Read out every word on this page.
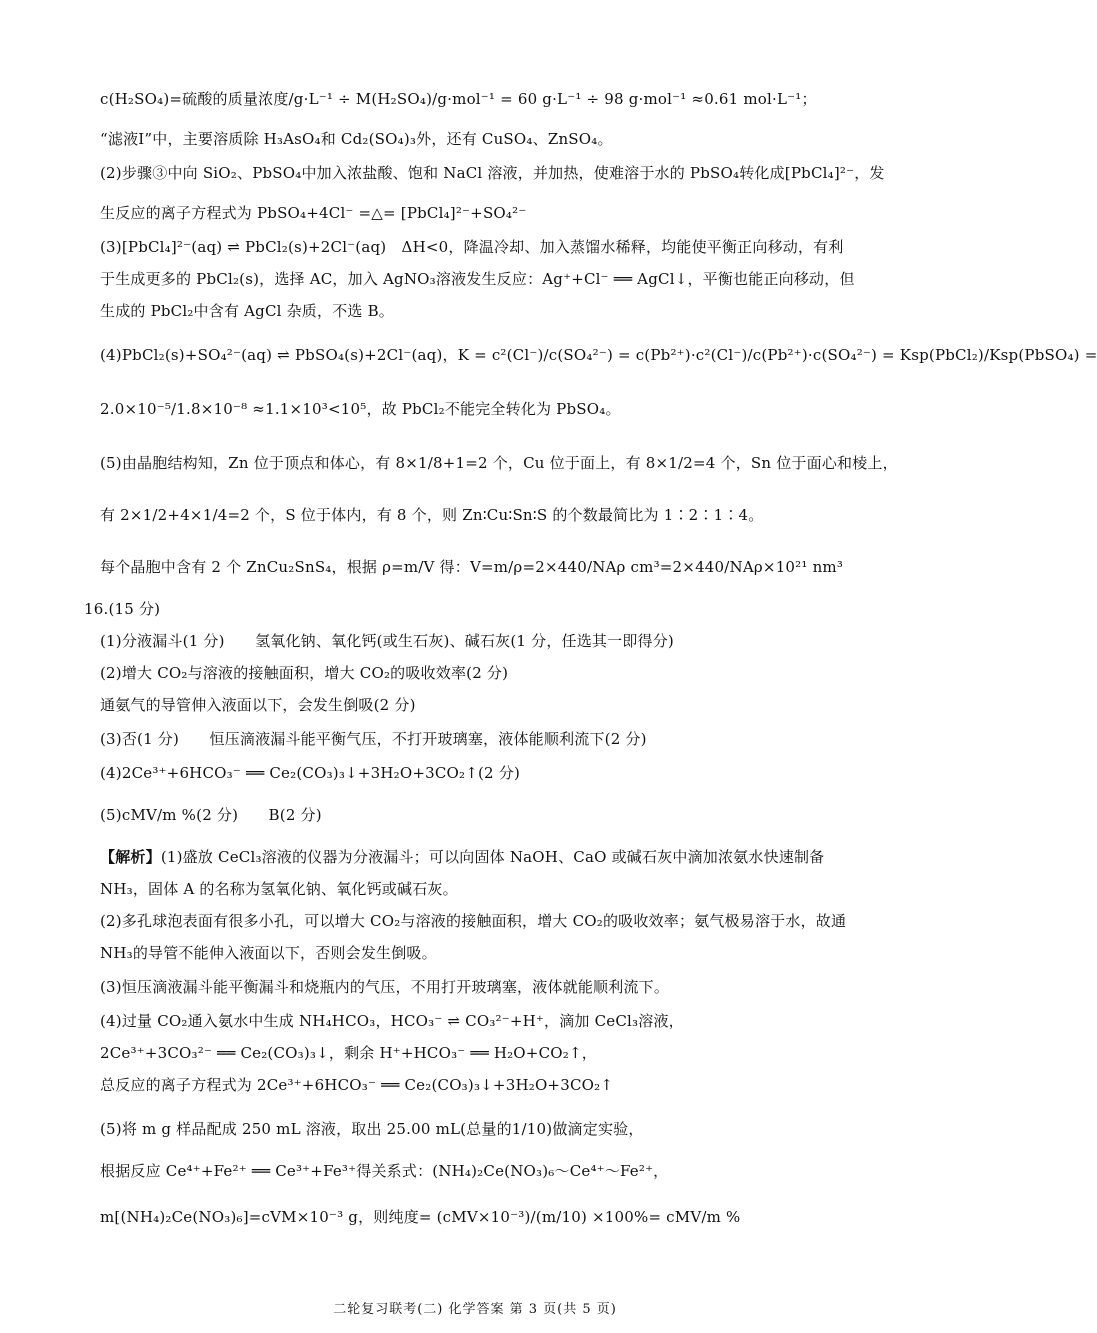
c(H₂SO₄)=硫酸的质量浓度/g·L⁻¹ ÷ M(H₂SO₄)/g·mol⁻¹ = 60 g·L⁻¹ ÷ 98 g·mol⁻¹ ≈0.61 mol·L⁻¹；
“滤液Ⅰ”中，主要溶质除 H₃AsO₄和 Cd₂(SO₄)₃外，还有 CuSO₄、ZnSO₄。
(2)步骤③中向 SiO₂、PbSO₄中加入浓盐酸、饱和 NaCl 溶液，并加热，使难溶于水的 PbSO₄转化成[PbCl₄]²⁻，发
生反应的离子方程式为 PbSO₄+4Cl⁻ =△= [PbCl₄]²⁻+SO₄²⁻
(3)[PbCl₄]²⁻(aq) ⇌ PbCl₂(s)+2Cl⁻(aq)　ΔH<0，降温冷却、加入蒸馏水稀释，均能使平衡正向移动，有利
于生成更多的 PbCl₂(s)，选择 AC，加入 AgNO₃溶液发生反应：Ag⁺+Cl⁻ ══ AgCl↓，平衡也能正向移动，但
生成的 PbCl₂中含有 AgCl 杂质，不选 B。
(4)PbCl₂(s)+SO₄²⁻(aq) ⇌ PbSO₄(s)+2Cl⁻(aq)，K = c²(Cl⁻)/c(SO₄²⁻) = c(Pb²⁺)·c²(Cl⁻)/c(Pb²⁺)·c(SO₄²⁻) = Ksp(PbCl₂)/Ksp(PbSO₄) =
2.0×10⁻⁵/1.8×10⁻⁸ ≈1.1×10³<10⁵，故 PbCl₂不能完全转化为 PbSO₄。
(5)由晶胞结构知，Zn 位于顶点和体心，有 8×1/8+1=2 个，Cu 位于面上，有 8×1/2=4 个，Sn 位于面心和棱上，
有 2×1/2+4×1/4=2 个，S 位于体内，有 8 个，则 Zn∶Cu∶Sn∶S 的个数最简比为 1∶2∶1∶4。
每个晶胞中含有 2 个 ZnCu₂SnS₄，根据 ρ=m/V 得：V=m/ρ=2×440/NAρ cm³=2×440/NAρ×10²¹ nm³
16.(15 分)
(1)分液漏斗(1 分)　　氢氧化钠、氧化钙(或生石灰)、碱石灰(1 分，任选其一即得分)
(2)增大 CO₂与溶液的接触面积，增大 CO₂的吸收效率(2 分)
通氨气的导管伸入液面以下，会发生倒吸(2 分)
(3)否(1 分)　　恒压滴液漏斗能平衡气压，不打开玻璃塞，液体能顺利流下(2 分)
(4)2Ce³⁺+6HCO₃⁻ ══ Ce₂(CO₃)₃↓+3H₂O+3CO₂↑(2 分)
(5)cMV/m %(2 分)　　B(2 分)
【解析】(1)盛放 CeCl₃溶液的仪器为分液漏斗；可以向固体 NaOH、CaO 或碱石灰中滴加浓氨水快速制备
NH₃，固体 A 的名称为氢氧化钠、氧化钙或碱石灰。
(2)多孔球泡表面有很多小孔，可以增大 CO₂与溶液的接触面积，增大 CO₂的吸收效率；氨气极易溶于水，故通
NH₃的导管不能伸入液面以下，否则会发生倒吸。
(3)恒压滴液漏斗能平衡漏斗和烧瓶内的气压，不用打开玻璃塞，液体就能顺利流下。
(4)过量 CO₂通入氨水中生成 NH₄HCO₃，HCO₃⁻ ⇌ CO₃²⁻+H⁺，滴加 CeCl₃溶液，
2Ce³⁺+3CO₃²⁻ ══ Ce₂(CO₃)₃↓，剩余 H⁺+HCO₃⁻ ══ H₂O+CO₂↑，
总反应的离子方程式为 2Ce³⁺+6HCO₃⁻ ══ Ce₂(CO₃)₃↓+3H₂O+3CO₂↑
(5)将 m g 样品配成 250 mL 溶液，取出 25.00 mL(总量的1/10)做滴定实验，
根据反应 Ce⁴⁺+Fe²⁺ ══ Ce³⁺+Fe³⁺得关系式：(NH₄)₂Ce(NO₃)₆～Ce⁴⁺～Fe²⁺，
m[(NH₄)₂Ce(NO₃)₆]=cVM×10⁻³ g，则纯度= (cMV×10⁻³)/(m/10) ×100%= cMV/m %
二轮复习联考(二) 化学答案 第 3 页(共 5 页)
